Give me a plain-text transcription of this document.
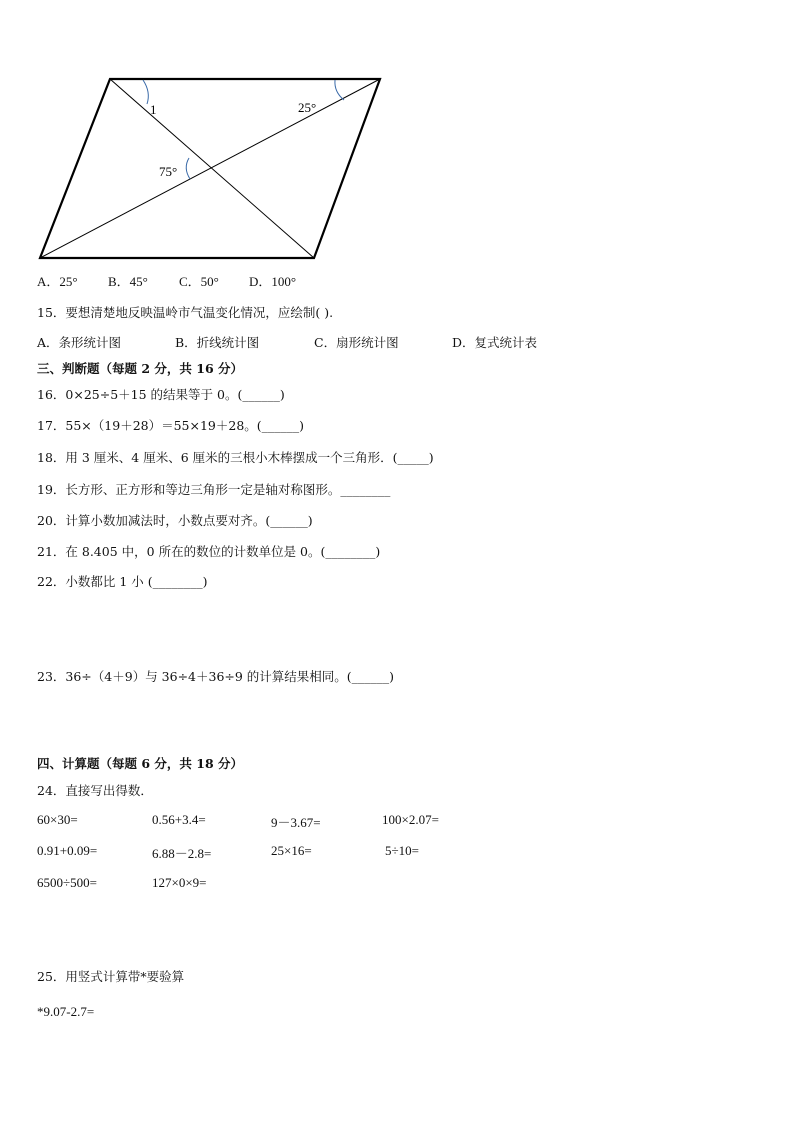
1	25°
75°
A．25° B．45° C．50° D．100°
15．要想清楚地反映温岭市气温变化情况，应绘制( ).
A．条形统计图	B．折线统计图	C．扇形统计图	D．复式统计表
三、判断题（每题 2 分，共 16 分）
16．0×25÷5＋15 的结果等于 0。(______)
17．55×（19＋28）＝55×19＋28。(______)
18．用 3 厘米、4 厘米、6 厘米的三根小木棒摆成一个三角形．(_____)
19．长方形、正方形和等边三角形一定是轴对称图形。________
20．计算小数加减法时，小数点要对齐。(______)
21．在 8.405 中，0 所在的数位的计数单位是 0。(________)
22．小数都比 1 小 (________)
23．36÷（4＋9）与 36÷4＋36÷9 的计算结果相同。(______)
四、计算题（每题 6 分，共 18 分）
24．直接写出得数．
60×30=	0.56+3.4=	9－3.67=	100×2.07=
0.91+0.09=	6.88－2.8=	25×16=	5÷10=
6500÷500=	127×0×9=
25．用竖式计算带*要验算
*9.07-2.7=
